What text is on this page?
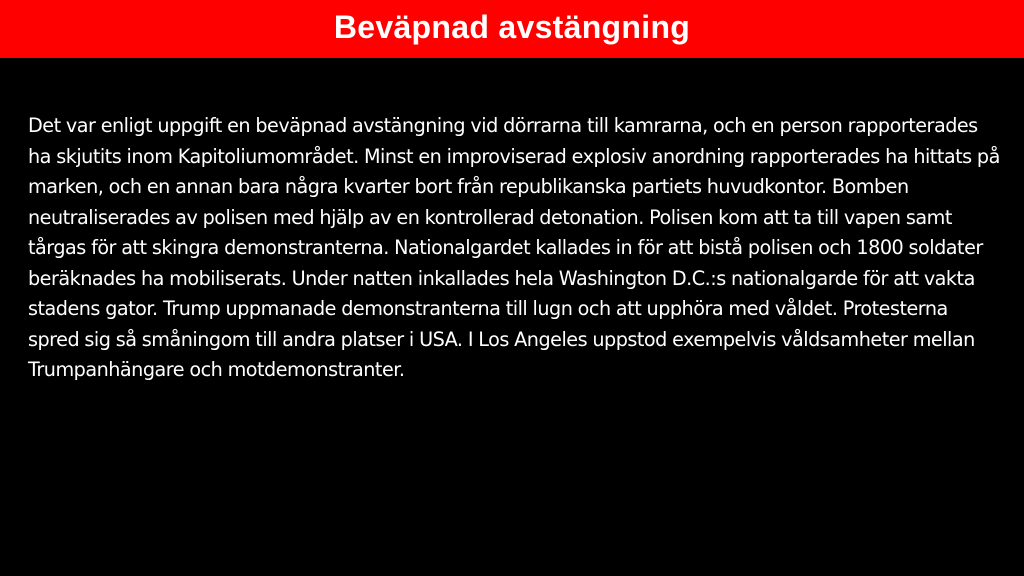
Beväpnad avstängning

Det var enligt uppgift en beväpnad avstängning vid dörrarna till kamrarna, och en person rapporterades ha skjutits inom Kapitoliumområdet. Minst en improviserad explosiv anordning rapporterades ha hittats på marken, och en annan bara några kvarter bort från republikanska partiets huvudkontor. Bomben neutraliserades av polisen med hjälp av en kontrollerad detonation. Polisen kom att ta till vapen samt tårgas för att skingra demonstranterna. Nationalgardet kallades in för att bistå polisen och 1800 soldater beräknades ha mobiliserats. Under natten inkallades hela Washington D.C.:s nationalgarde för att vakta stadens gator. Trump uppmanade demonstranterna till lugn och att upphöra med våldet. Protesterna spred sig så småningom till andra platser i USA. I Los Angeles uppstod exempelvis våldsamheter mellan Trumpanhängare och motdemonstranter.
